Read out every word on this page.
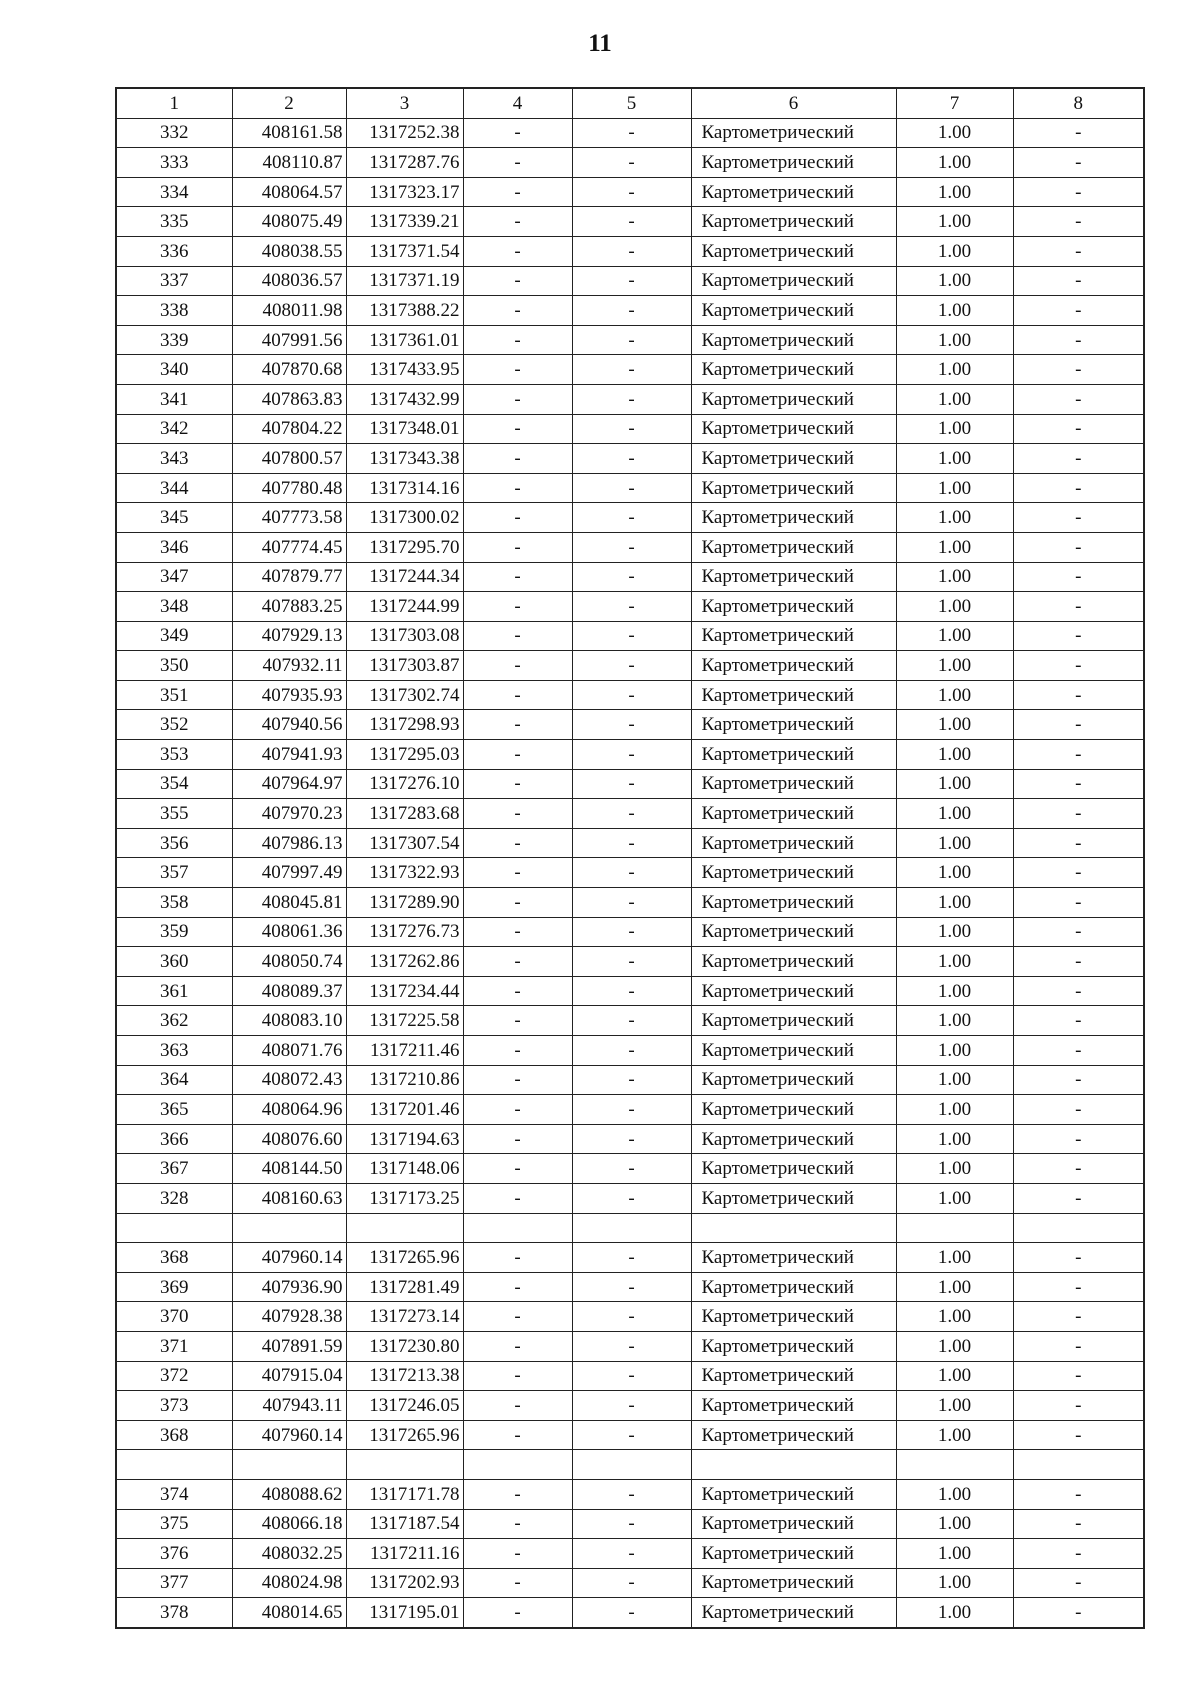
11
1	2	3	4	5	6	7	8
332	408161.58	1317252.38	-	-	Картометрический	1.00	-
333	408110.87	1317287.76	-	-	Картометрический	1.00	-
334	408064.57	1317323.17	-	-	Картометрический	1.00	-
335	408075.49	1317339.21	-	-	Картометрический	1.00	-
336	408038.55	1317371.54	-	-	Картометрический	1.00	-
337	408036.57	1317371.19	-	-	Картометрический	1.00	-
338	408011.98	1317388.22	-	-	Картометрический	1.00	-
339	407991.56	1317361.01	-	-	Картометрический	1.00	-
340	407870.68	1317433.95	-	-	Картометрический	1.00	-
341	407863.83	1317432.99	-	-	Картометрический	1.00	-
342	407804.22	1317348.01	-	-	Картометрический	1.00	-
343	407800.57	1317343.38	-	-	Картометрический	1.00	-
344	407780.48	1317314.16	-	-	Картометрический	1.00	-
345	407773.58	1317300.02	-	-	Картометрический	1.00	-
346	407774.45	1317295.70	-	-	Картометрический	1.00	-
347	407879.77	1317244.34	-	-	Картометрический	1.00	-
348	407883.25	1317244.99	-	-	Картометрический	1.00	-
349	407929.13	1317303.08	-	-	Картометрический	1.00	-
350	407932.11	1317303.87	-	-	Картометрический	1.00	-
351	407935.93	1317302.74	-	-	Картометрический	1.00	-
352	407940.56	1317298.93	-	-	Картометрический	1.00	-
353	407941.93	1317295.03	-	-	Картометрический	1.00	-
354	407964.97	1317276.10	-	-	Картометрический	1.00	-
355	407970.23	1317283.68	-	-	Картометрический	1.00	-
356	407986.13	1317307.54	-	-	Картометрический	1.00	-
357	407997.49	1317322.93	-	-	Картометрический	1.00	-
358	408045.81	1317289.90	-	-	Картометрический	1.00	-
359	408061.36	1317276.73	-	-	Картометрический	1.00	-
360	408050.74	1317262.86	-	-	Картометрический	1.00	-
361	408089.37	1317234.44	-	-	Картометрический	1.00	-
362	408083.10	1317225.58	-	-	Картометрический	1.00	-
363	408071.76	1317211.46	-	-	Картометрический	1.00	-
364	408072.43	1317210.86	-	-	Картометрический	1.00	-
365	408064.96	1317201.46	-	-	Картометрический	1.00	-
366	408076.60	1317194.63	-	-	Картометрический	1.00	-
367	408144.50	1317148.06	-	-	Картометрический	1.00	-
328	408160.63	1317173.25	-	-	Картометрический	1.00	-

368	407960.14	1317265.96	-	-	Картометрический	1.00	-
369	407936.90	1317281.49	-	-	Картометрический	1.00	-
370	407928.38	1317273.14	-	-	Картометрический	1.00	-
371	407891.59	1317230.80	-	-	Картометрический	1.00	-
372	407915.04	1317213.38	-	-	Картометрический	1.00	-
373	407943.11	1317246.05	-	-	Картометрический	1.00	-
368	407960.14	1317265.96	-	-	Картометрический	1.00	-

374	408088.62	1317171.78	-	-	Картометрический	1.00	-
375	408066.18	1317187.54	-	-	Картометрический	1.00	-
376	408032.25	1317211.16	-	-	Картометрический	1.00	-
377	408024.98	1317202.93	-	-	Картометрический	1.00	-
378	408014.65	1317195.01	-	-	Картометрический	1.00	-
